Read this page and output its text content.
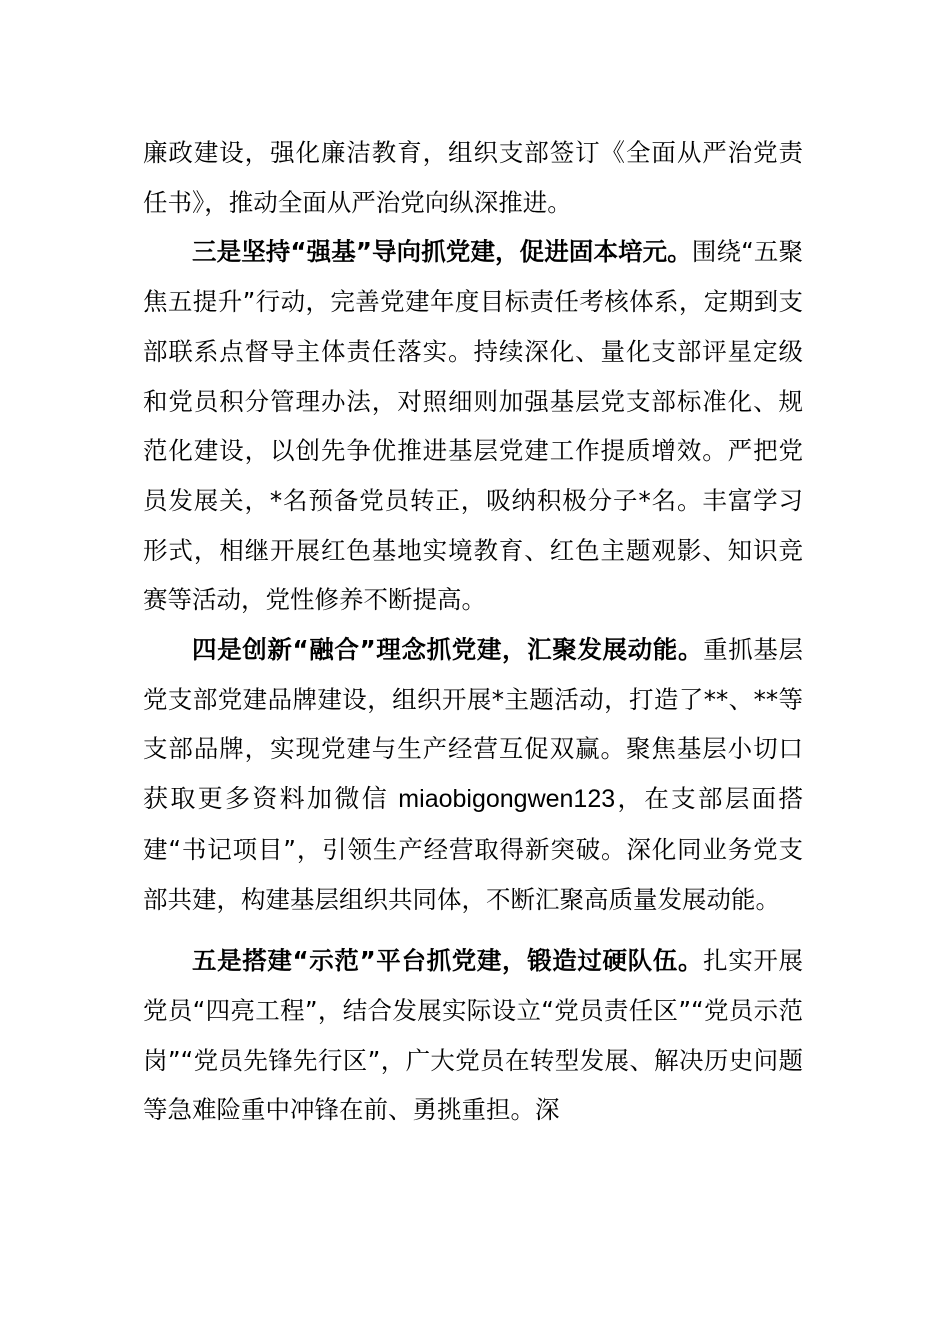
廉政建设，强化廉洁教育，组织支部签订《全面从严治党责任书》，推动全面从严治党向纵深推进。

三是坚持“强基”导向抓党建，促进固本培元。围绕“五聚焦五提升”行动，完善党建年度目标责任考核体系，定期到支部联系点督导主体责任落实。持续深化、量化支部评星定级和党员积分管理办法，对照细则加强基层党支部标准化、规范化建设，以创先争优推进基层党建工作提质增效。严把党员发展关，*名预备党员转正，吸纳积极分子*名。丰富学习形式，相继开展红色基地实境教育、红色主题观影、知识竞赛等活动，党性修养不断提高。

四是创新“融合”理念抓党建，汇聚发展动能。重抓基层党支部党建品牌建设，组织开展*主题活动，打造了**、**等支部品牌，实现党建与生产经营互促双赢。聚焦基层小切口获取更多资料加微信 miaobigongwen123，在支部层面搭建“书记项目”，引领生产经营取得新突破。深化同业务党支部共建，构建基层组织共同体，不断汇聚高质量发展动能。

五是搭建“示范”平台抓党建，锻造过硬队伍。扎实开展党员“四亮工程”，结合发展实际设立“党员责任区”“党员示范岗”“党员先锋先行区”，广大党员在转型发展、解决历史问题等急难险重中冲锋在前、勇挑重担。深
